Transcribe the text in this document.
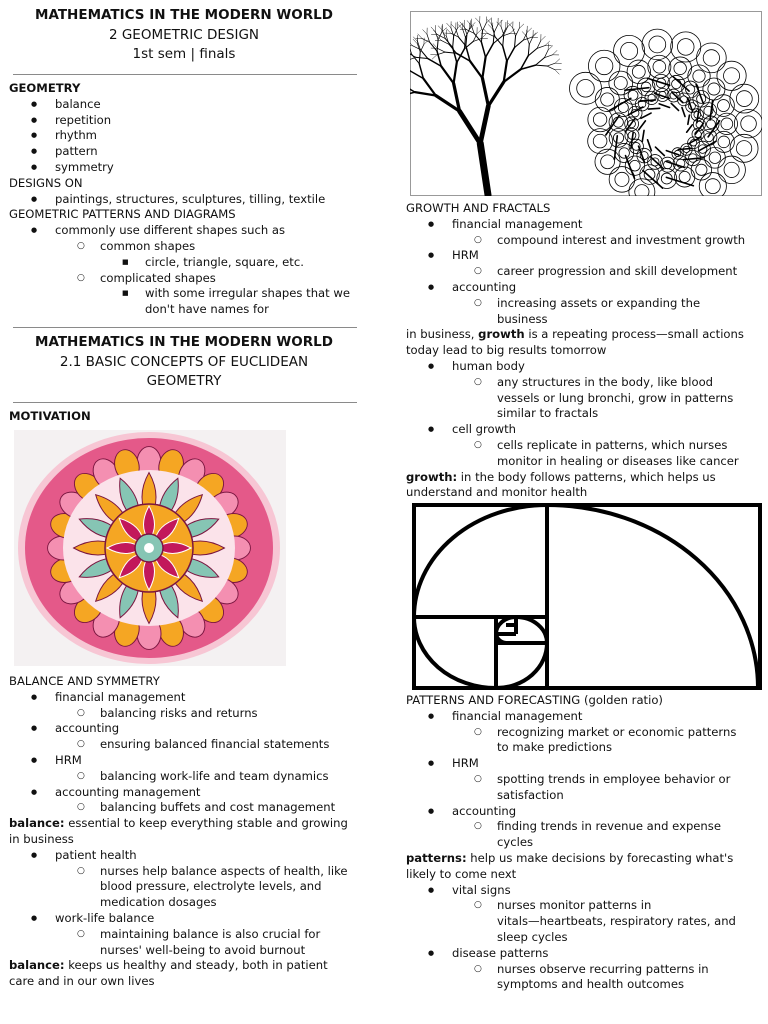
MATHEMATICS IN THE MODERN WORLD
2 GEOMETRIC DESIGN
1st sem | finals
GEOMETRY
● balance
● repetition
● rhythm
● pattern
● symmetry
DESIGNS ON
● paintings, structures, sculptures, tilling, textile
GEOMETRIC PATTERNS AND DIAGRAMS
● commonly use different shapes such as
○ common shapes
■ circle, triangle, square, etc.
○ complicated shapes
■ with some irregular shapes that we
don't have names for
MATHEMATICS IN THE MODERN WORLD
2.1 BASIC CONCEPTS OF EUCLIDEAN
GEOMETRY
MOTIVATION
BALANCE AND SYMMETRY
● financial management
○ balancing risks and returns
● accounting
○ ensuring balanced financial statements
● HRM
○ balancing work-life and team dynamics
● accounting management
○ balancing buffets and cost management
balance: essential to keep everything stable and growing
in business
● patient health
○ nurses help balance aspects of health, like
blood pressure, electrolyte levels, and
medication dosages
● work-life balance
○ maintaining balance is also crucial for
nurses' well-being to avoid burnout
balance: keeps us healthy and steady, both in patient
care and in our own lives
GROWTH AND FRACTALS
● financial management
○ compound interest and investment growth
● HRM
○ career progression and skill development
● accounting
○ increasing assets or expanding the
business
in business, growth is a repeating process—small actions
today lead to big results tomorrow
● human body
○ any structures in the body, like blood
vessels or lung bronchi, grow in patterns
similar to fractals
● cell growth
○ cells replicate in patterns, which nurses
monitor in healing or diseases like cancer
growth: in the body follows patterns, which helps us
understand and monitor health
PATTERNS AND FORECASTING (golden ratio)
● financial management
○ recognizing market or economic patterns
to make predictions
● HRM
○ spotting trends in employee behavior or
satisfaction
● accounting
○ finding trends in revenue and expense
cycles
patterns: help us make decisions by forecasting what's
likely to come next
● vital signs
○ nurses monitor patterns in
vitals—heartbeats, respiratory rates, and
sleep cycles
● disease patterns
○ nurses observe recurring patterns in
symptoms and health outcomes
